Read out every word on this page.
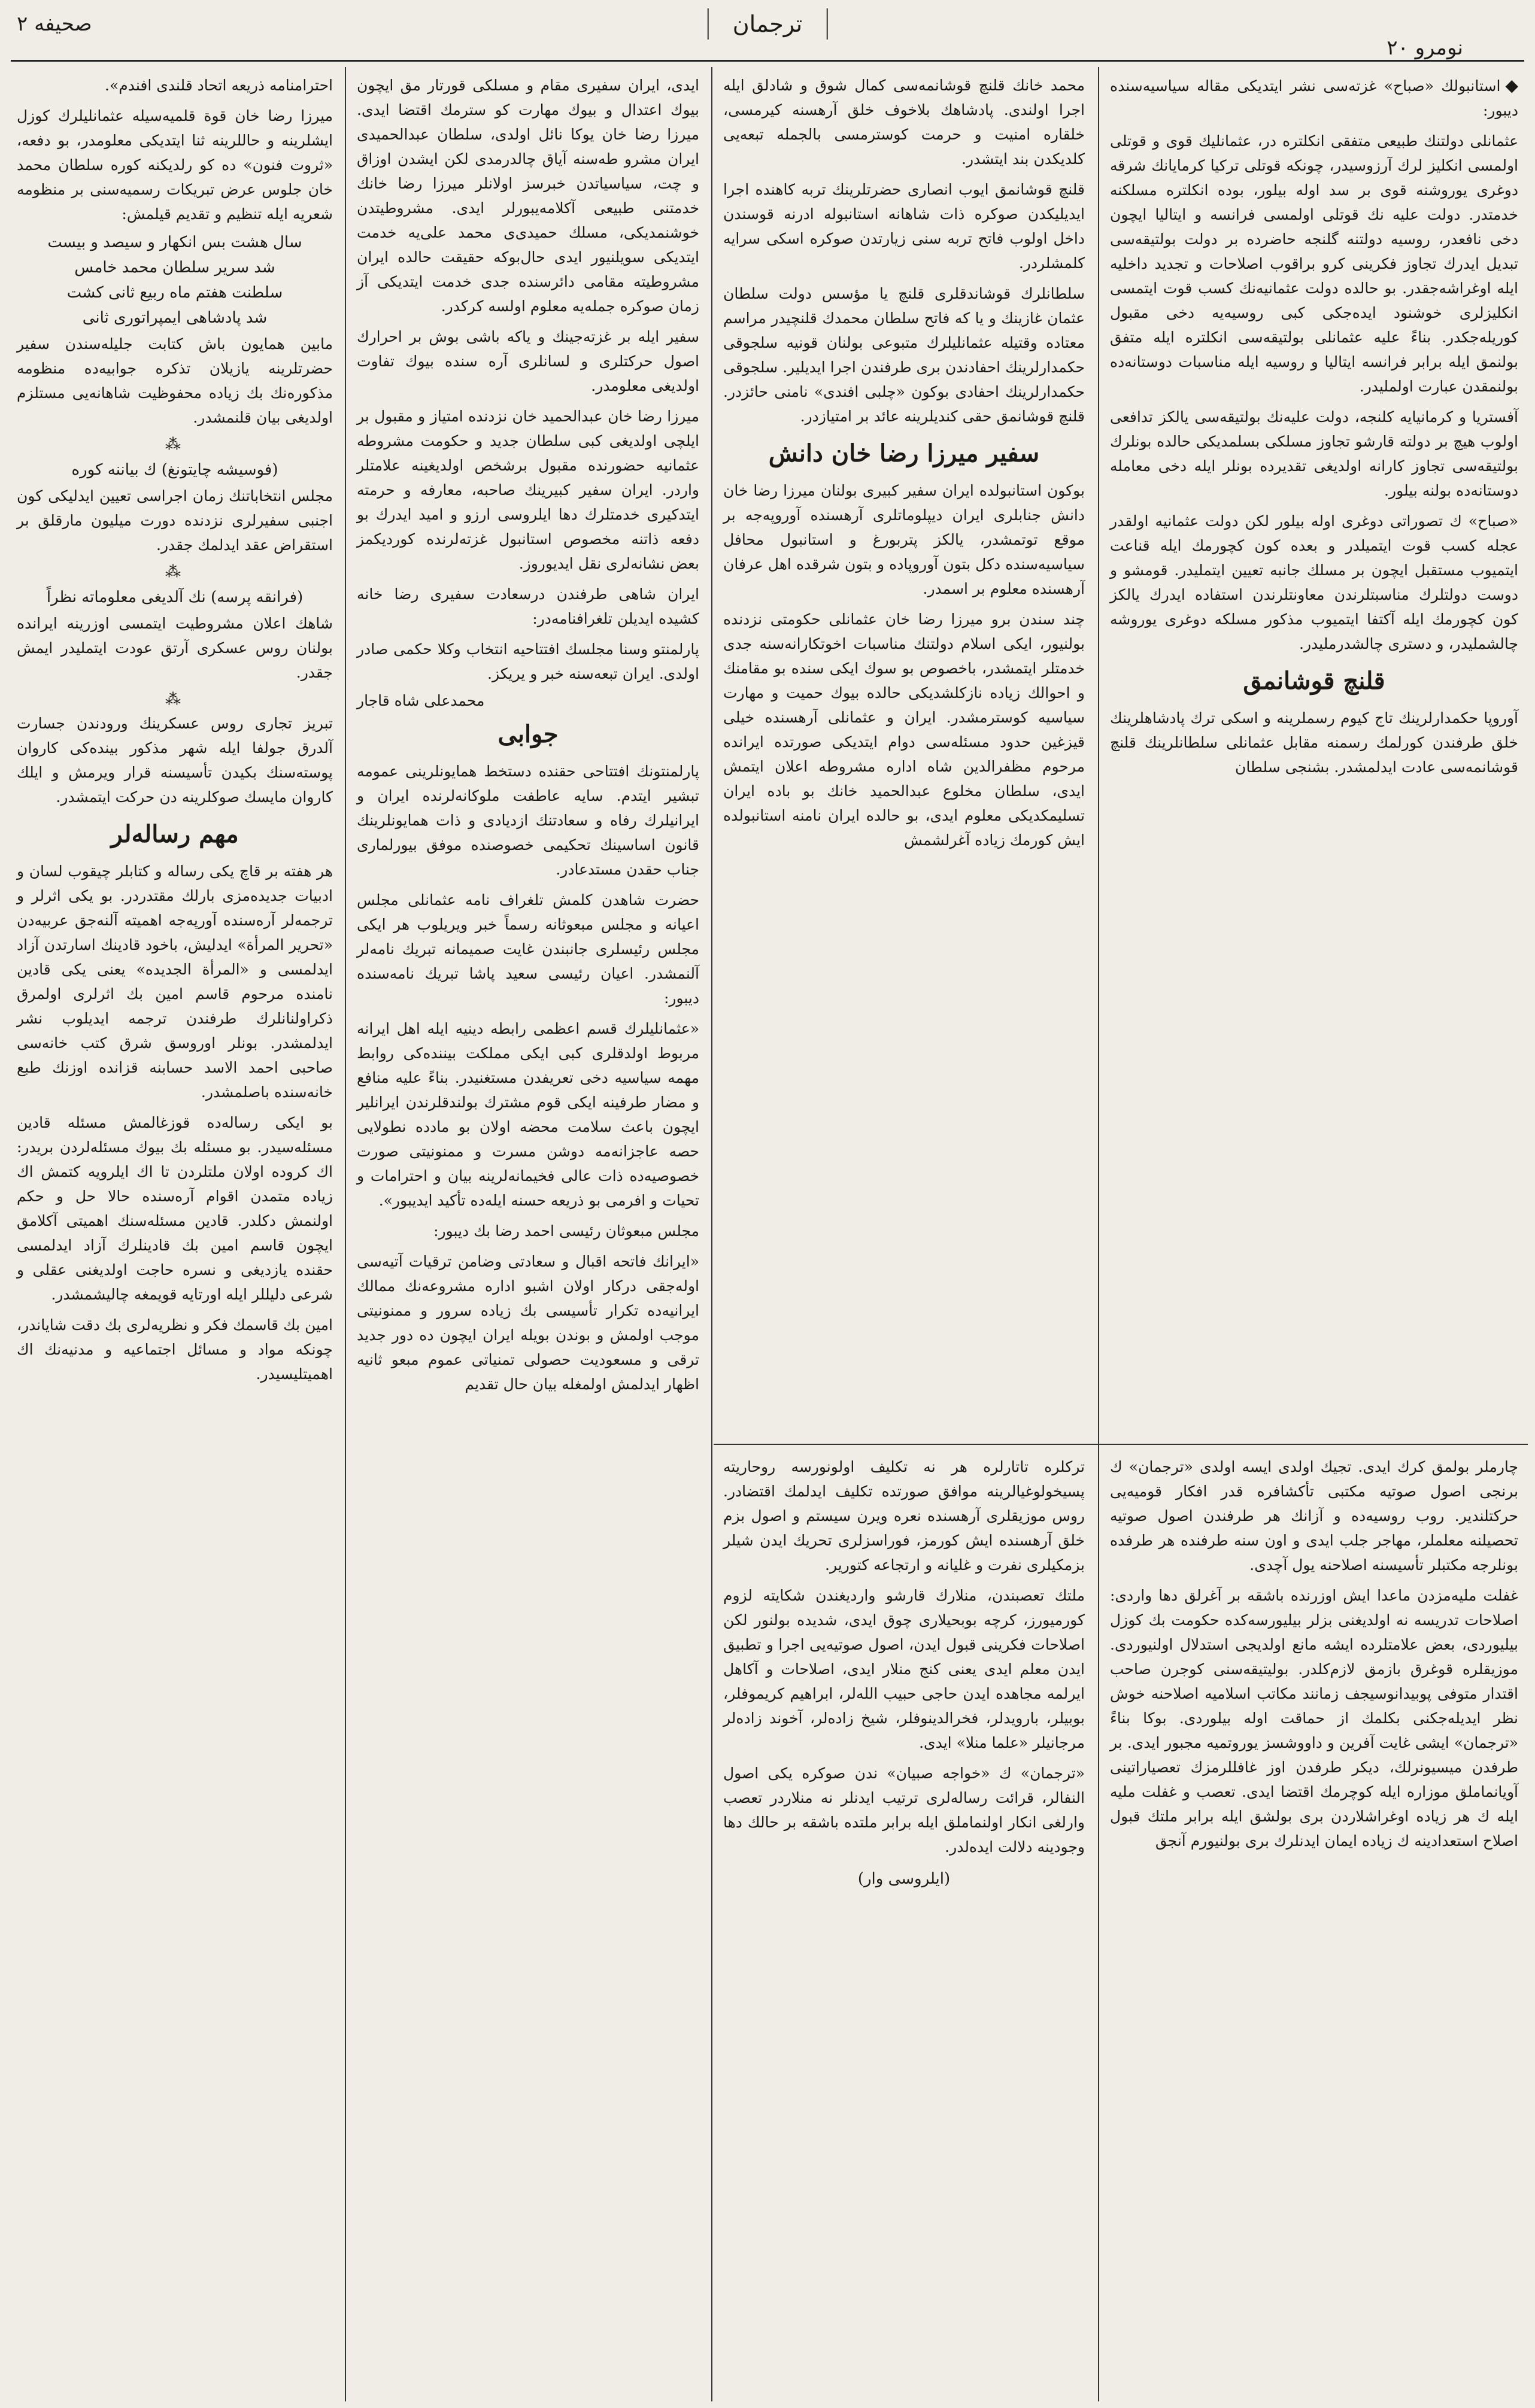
صحيفه ۲	ترجمان
نومرو ۲۰

◆استانبولك «صباح» غزته‌سی نشر ایتدیكی مقاله سیاسیه‌سنده دیبور:

عثمانلی دولتنك طبیعی متفقی انكلتره در، عثمانلیك قوی و قوتلی اولمسی انكلیز لرك آرزوسیدر، چونكه قوتلی تركیا كرمایانك شرقه دوغری یوروشنه قوی بر سد اوله بیلور، بوده انكلتره مسلكنه خدمتدر. دولت علیه نك قوتلی اولمسی فرانسه و ایتالیا ایچون دخی نافعدر، روسیه دولتنه گلنجه حاضرده بر دولت بولتیقه‌سی تبدیل ایدرك تجاوز فكرینی كرو براقوب اصلاحات و تجدید داخلیه ایله اوغراشه‌جقدر. بو حالده دولت عثمانیه‌نك كسب قوت ایتمسی انكلیزلری خوشنود ایده‌جكی كبی روسیه‌یه دخی مقبول كوریله‌جكدر. بناءً علیه عثمانلی بولتیقه‌سی انكلتره ایله متفق بولنمق ایله برابر فرانسه ایتالیا و روسیه ایله مناسبات دوستانه‌ده بولنمقدن عبارت اولملیدر.

آفستریا و كرمانیایه كلنجه، دولت علیه‌نك بولتیقه‌سی یالكز تدافعی اولوب هیچ بر دولته قارشو تجاوز مسلكی بسلمدیكی حالده بونلرك بولتیقه‌سی تجاوز كارانه اولدیغی تقدیرده بونلر ایله دخی معامله دوستانه‌ده بولنه بیلور.

«صباح» ك تصوراتی دوغری اوله بیلور لكن دولت عثمانیه اولقدر عجله كسب قوت ایتمیلدر و بعده كون كچورمك ایله قناعت ایتمیوب مستقبل ایچون بر مسلك جانبه تعیین ایتملیدر. قومشو و دوست دولتلرك مناسبتلرندن معاونتلرندن استفاده ایدرك یالكز كون كچورمك ایله آكتفا ایتمیوب مذكور مسلكه دوغری یوروشه چالشملیدر، و دستری چالشدرملیدر.

قلنچ قوشانمق

آوروپا حكمدارلرینك تاج كیوم رسملرینه و اسكی ترك پادشاهلرینك خلق طرفندن كورلمك رسمنه مقابل عثمانلی سلطانلرینك قلنچ قوشانمه‌سی عادت ایدلمشدر. بشنجی سلطان

محمد خانك قلنچ قوشانمه‌سی كمال شوق و شادلق ایله اجرا اولندی. پادشاهك بلاخوف خلق آرهسنه كیرمسی، خلقاره امنیت و حرمت كوسترمسی بالجمله تبعه‌یی كلدیكدن بند ایتشدر.

قلنچ قوشانمق ایوب انصاری حضرتلرینك تربه كاهنده اجرا ایدیلیكدن صوكره ذات شاهانه استانبوله ادرنه قوسندن داخل اولوب فاتح تربه سنی زیارتدن صوكره اسكی سرایه كلمشلردر.

سلطانلرك قوشاندقلری قلنچ یا مؤسس دولت سلطان عثمان غازینك و یا كه فاتح سلطان محمدك قلنچیدر مراسم معتاده وقتیله عثمانلیلرك متبوعی بولنان قونیه سلجوقی حكمدارلرینك احفادندن بری طرفندن اجرا ایدیلیر. سلجوقی حكمدارلرینك احفادی بوكون «چلبی افندی» نامنی حائزدر. قلنچ قوشانمق حقی كندیلرینه عائد بر امتیازدر.

سفیر میرزا رضا خان دانش

بوكون استانبولده ایران سفیر كبیری بولنان میرزا رضا خان دانش جنابلری ایران دیپلوماتلری آرهسنده آوروپه‌جه بر موقع توتمشدر، یالكز پتربورغ و استانبول محافل سیاسیه‌سنده دكل بتون آوروپاده و بتون شرقده اهل عرفان آرهسنده معلوم بر اسمدر.

چند سندن برو میرزا رضا خان عثمانلی حكومتی نزدنده بولنیور، ایكی اسلام دولتنك مناسبات اخوتكارانه‌سنه جدی خدمتلر ایتمشدر، باخصوص بو سوك ایكی سنده بو مقامنك و احوالك زیاده نازكلشدیكی حالده بیوك حمیت و مهارت سیاسیه كوسترمشدر. ایران و عثمانلی آرهسنده خیلی قیزغین حدود مسئله‌سی دوام ایتدیكی صورتده ایرانده مرحوم مظفرالدین شاه اداره مشروطه اعلان ایتمش ایدی، سلطان مخلوع عبدالحمید خانك بو باده ایران تسلیمكدیكی معلوم ایدی، بو حالده ایران نامنه استانبولده ایش كورمك زیاده آغرلشمش

چارملر بولمق كرك ایدی. تجیك اولدی ایسه اولدی «ترجمان» ك برنجی اصول صوتیه مكتبی تأكشافره قدر افكار قومیه‌یی حركتلندیر. روب روسیه‌ده و آزانك هر طرفندن اصول صوتیه تحصیلنه معلملر، مهاجر جلب ایدی و اون سنه طرفنده هر طرفده بونلرجه مكتبلر تأسیسنه اصلاحنه یول آچدی.

غفلت ملیه‌مزدن ماعدا ایش اوزرنده باشقه بر آغرلق دها واردی: اصلاحات تدریسه نه اولدیغنی بزلر بیلیورسه‌كده حكومت بك كوزل بیلیوردی، بعض علامتلرده ایشه مانع اولدیجی استدلال اولنیوردی. موزیقلره قوغرق بازمق لازم‌كلدر. بولیتیقه‌سنی كوجرن صاحب اقتدار متوفی پوبیدانوسیجف زمانند مكاتب اسلامیه اصلاحنه خوش نظر ایدیله‌جكنی بكلمك از حماقت اوله بیلوردی. بوكا بناءً «ترجمان» ایشی غایت آفرین و داووشسز یوروتمیه مجبور ایدی. بر طرفدن میسیونرلك، دیكر طرفدن اوز غافللرمزك تعصیاراتینی آویانماملق موزاره ایله كوچرمك اقتضا ایدی. تعصب و غفلت ملیه ایله ك هر زیاده اوغراشلاردن بری بولشق ایله برابر ملتك قبول اصلاح استعدادینه ك زیاده ایمان ایدنلرك بری بولنیورم آنجق

تركلره تاتارلره هر نه تكلیف اولونورسه روحاریته پسیخولوغیالرینه موافق صورتده تكلیف ایدلمك اقتضادر. روس موزیقلری آرهسنده نعره ویرن سیستم و اصول بزم خلق آرهسنده ایش كورمز، فوراسزلری تحریك ایدن شیلر بزمكیلری نفرت و غلیانه و ارتجاعه كتوریر.

ملتك تعصبندن، منلارك قارشو واردیغندن شكایته لزوم كورمیورز، كرچه بوبحیلاری چوق ایدی، شدیده بولنور لكن اصلاحات فكرینی قبول ایدن، اصول صوتیه‌یی اجرا و تطبیق ایدن معلم ایدی یعنی كنج منلار ایدی، اصلاحات و آكاهل ایرلمه مجاهده ایدن حاجی حبیب الله‌لر، ابراهیم كریموفلر، بوبیلر، باروید‌لر، فخرالدینوفلر، شیخ زاده‌لر، آخوند زاده‌لر مرجانیلر «علما منلا» ایدی.

«ترجمان» ك «خواجه صبیان» ندن صوكره یكی اصول النفالر، قرائت رساله‌لری ترتیب ایدنلر نه منلاردر تعصب وارلغی انكار اولنماملق ایله برابر ملتده باشقه بر حالك دها وجودینه دلالت ایده‌لدر.

(ایلروسی وار)

ایدی، ایران سفیری مقام و مسلكی قورتار مق ایچون بیوك اعتدال و بیوك مهارت كو سترمك اقتضا ایدی. میرزا رضا خان یوكا نائل اولدی، سلطان عبدالحمیدی ایران مشرو طه‌سنه آیاق چالدرمدی لكن ایشدن اوزاق و چت، سیاسیاتدن خبرسز اولانلر میرزا رضا خانك خدمتنی طبیعی آكلامه‌یبورلر ایدی. مشروطیتدن خوشنمدیكی، مسلك حمیدی‌ی محمد علی‌یه خدمت ایتدیكی سویلنیور ایدی حال‌بوكه حقیقت حالده ایران مشروطیته مقامی دائرسنده جدی خدمت ایتدیكی آز زمان صوكره جمله‌یه معلوم اولسه كركدر.

سفیر ایله بر غزته‌جینك و یاكه باشی بوش بر احرارك اصول حركتلری و لسانلری آره سنده بیوك تفاوت اولدیغی معلومدر.

میرزا رضا خان عبدالحمید خان نزدنده امتیاز و مقبول بر ایلچی اولدیغی كبی سلطان جدید و حكومت مشروطه عثمانیه حضورنده مقبول برشخص اولدیغینه علامتلر واردر. ایران سفیر كبیرینك صاحبه، معارفه و حرمته ایتدكیری خدمتلرك دها ایلروسی ارزو و امید ایدرك بو دفعه ذاتنه مخصوص استانبول غزته‌لرنده كوردیكمز بعض نشانه‌لری نقل ایدیوروز.

ایران شاهی طرفندن درسعادت سفیری رضا خانه كشیده ایدیلن تلغرافنامه‌در:

پارلمنتو وسنا مجلسك افتتاحیه انتخاب وكلا حكمی صادر اولدی. ایران تبعه‌سنه خبر و یریكز.

محمدعلی شاه قاجار
جوابی

پارلمنتونك افتتاحی حقنده دستخط همایونلرینی عمومه تبشیر ایتدم. سایه عاطفت ملوكانه‌لرنده ایران و ایرانیلرك رفاه و سعادتنك ازدیادی و ذات همایونلرینك قانون اساسینك تحكیمی خصوصنده موفق بیورلماری جناب حقدن مستدعادر.

حضرت شاهدن كلمش تلغراف نامه عثمانلی مجلس اعیانه و مجلس مبعوثانه رسماً خبر ویریلوب هر ایكی مجلس رئیسلری جانبندن غایت صمیمانه تبریك نامه‌لر آلنمشدر. اعیان رئیسی سعید پاشا تبریك نامه‌سنده دیبور:

«عثمانلیلرك قسم اعظمی رابطه دینیه ایله اهل ایرانه مربوط اولدقلری كبی ایكی مملكت بیننده‌كی روابط مهمه سیاسیه دخی تعریفدن مستغنیدر. بناءً علیه منافع و مضار طرفینه ایكی قوم مشترك بولندقلرندن ایرانلیر ایچون باعث سلامت محضه اولان بو مادده نطولایی حصه عاجزانه‌مه دوشن مسرت و ممنونیتی صورت خصوصیه‌ده ذات عالی فخیمانه‌لرینه بیان و احترامات و تحیات و افرمی بو ذریعه حسنه ایله‌ده تأكید ایدیبور».

مجلس مبعوثان رئیسی احمد رضا بك دیبور:

«ایرانك فاتحه اقبال و سعادتی وضامن ترقیات آتیه‌سی اوله‌جقی دركار اولان اشبو اداره مشروعه‌نك ممالك ایرانیه‌ده تكرار تأسیسی بك زیاده سرور و ممنونیتی موجب اولمش و بوندن بویله ایران ایچون ده دور جدید ترقی و مسعودیت حصولی تمنیاتی عموم مبعو ثانیه اظهار ایدلمش اولمغله بیان حال تقدیم

احترامنامه ذریعه اتحاد قلندی افندم».

میرزا رضا خان قوة قلمیه‌سیله عثمانلیلرك كوزل ایشلرینه و حاللرینه ثنا ایتدیكی معلومدر، بو دفعه، «ثروت فنون» ده كو رلدیكنه كوره سلطان محمد خان جلوس عرض تبریكات رسمیه‌سنی بر منظومه شعریه ایله تنظیم و تقدیم قیلمش:

سال هشت بس انكهار و سیصد و بیست
شد سریر سلطان محمد خامس
سلطنت هفتم ماه ربیع ثانی كشت
شد پادشاهی ایمپراتوری ثانی

مابین همایون باش كتابت جلیله‌سندن سفیر حضرتلرینه یازیلان تذكره جوابیه‌ده منظومه مذكوره‌نك بك زیاده محفوظیت شاهانه‌یی مستلزم اولدیغی بیان قلنمشدر.

⁂
(فوسیشه چایتونغ) ك بیاننه كوره

مجلس انتخاباتنك زمان اجراسی تعیین ایدلیكی كون اجنبی سفیرلری نزدنده دورت میلیون مارقلق بر استقراض عقد ایدلمك جقدر.

⁂
(فرانقه پرسه) نك آلدیغی معلوماته نظراً

شاهك اعلان مشروطیت ایتمسی اوزرینه ایرانده بولنان روس عسكری آرتق عودت ایتملیدر ایمش جقدر.

⁂

تبریز تجاری روس عسكرینك ورودندن جسارت آلدرق جولفا ایله شهر مذكور بینده‌كی كاروان پوسته‌سنك بكیدن تأسیسنه قرار ویرمش و ایلك كاروان مایسك صوكلرینه دن حركت ایتمشدر.

مهم رساله‌لر

هر هفته بر قاچ یكی رساله و كتابلر چیقوب لسان و ادبیات جدیده‌مزی بارلك مقتدردر. بو یكی اثرلر و ترجمه‌لر آره‌سنده آورپه‌جه اهمیته آلنه‌جق عربیه‌دن «تحریر المرأة» ایدلیش، باخود قادینك اسارتدن آزاد ایدلمسی و «المرأة الجدیده» یعنی یكی قادین نامنده مرحوم قاسم امین بك اثرلری اولمرق ذكراولنانلرك طرفندن ترجمه ایدیلوب نشر ایدلمشدر. بونلر اوروسق شرق كتب خانه‌سی صاحبی احمد الاسد حسابنه قزانده اوزنك طبع خانه‌سنده باصلمشدر.

بو ایكی رساله‌ده قوزغالمش مسئله قادین مسئله‌سیدر. بو مسئله بك بیوك مسئله‌لردن بریدر: اك كروده اولان ملتلردن تا اك ایلرویه كتمش اك زیاده متمدن اقوام آره‌سنده حالا حل و حكم اولنمش دكلدر. قادین مسئله‌سنك اهمیتی آكلامق ایچون قاسم امین بك قادینلرك آزاد ایدلمسی حقنده یازدیغی و نسره حاجت اولدیغنی عقلی و شرعی دلیللر ایله اورتایه قویمغه چالیشمشدر.

امین بك قاسمك فكر و نظریه‌لری بك دقت شایاندر، چونكه مواد و مسائل اجتماعیه و مدنیه‌نك اك اهمیتلیسیدر.
